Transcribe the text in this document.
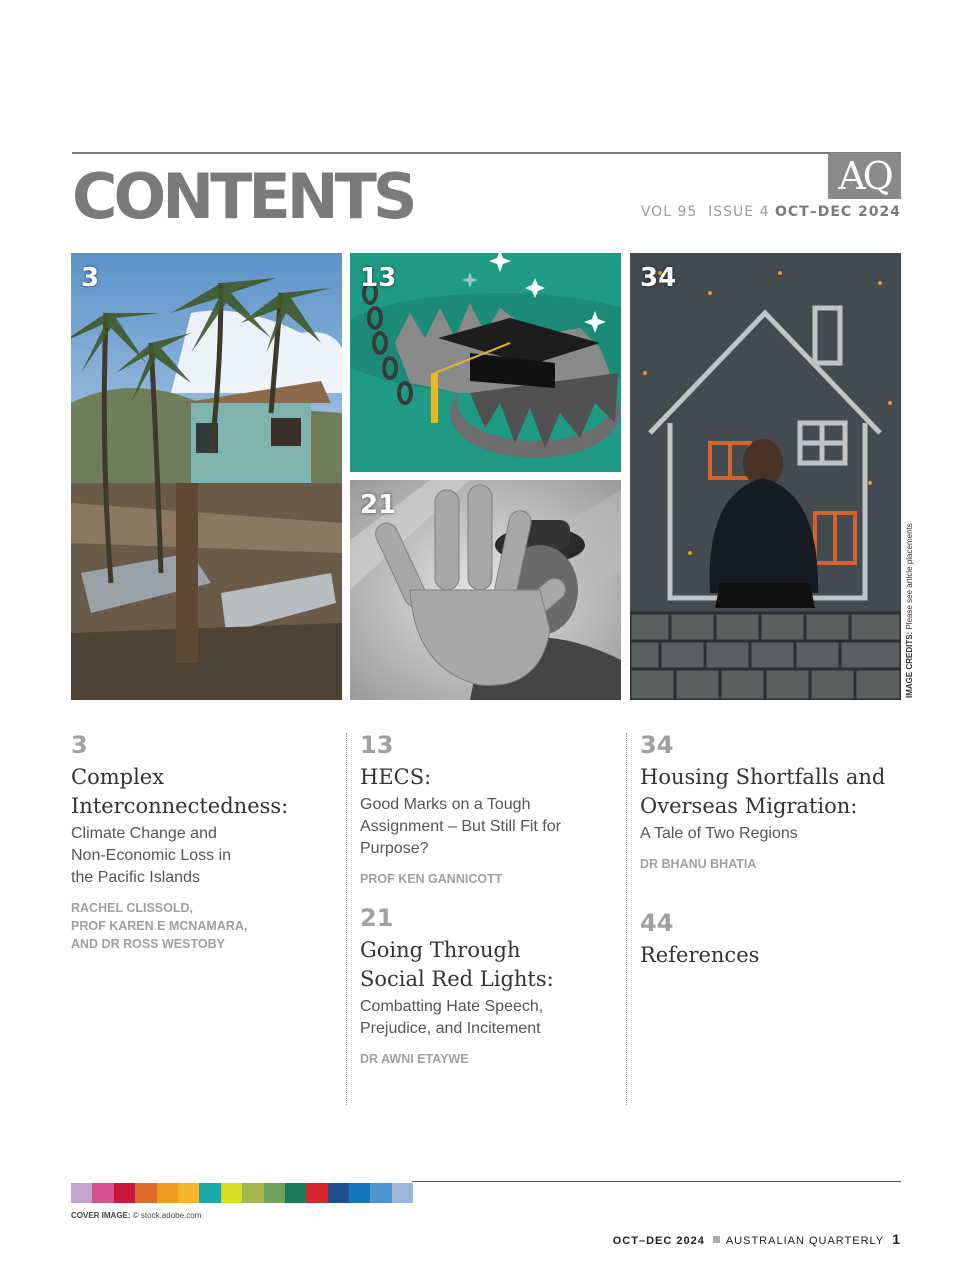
CONTENTS	AQ
VOL 95  ISSUE 4 OCT–DEC 2024
3	13
21
34
IMAGE CREDITS: Please see article placements
3
Complex
Interconnectedness:
Climate Change and
Non-Economic Loss in
the Pacific Islands
RACHEL CLISSOLD,
PROF KAREN E MCNAMARA,
AND DR ROSS WESTOBY
13
HECS:
Good Marks on a Tough
Assignment – But Still Fit for
Purpose?
PROF KEN GANNICOTT
21
Going Through
Social Red Lights:
Combatting Hate Speech,
Prejudice, and Incitement
DR AWNI ETAYWE
34
Housing Shortfalls and
Overseas Migration:
A Tale of Two Regions
DR BHANU BHATIA
44
References
COVER IMAGE: © stock.adobe.com
OCT–DEC 2024 AUSTRALIAN QUARTERLY 1
